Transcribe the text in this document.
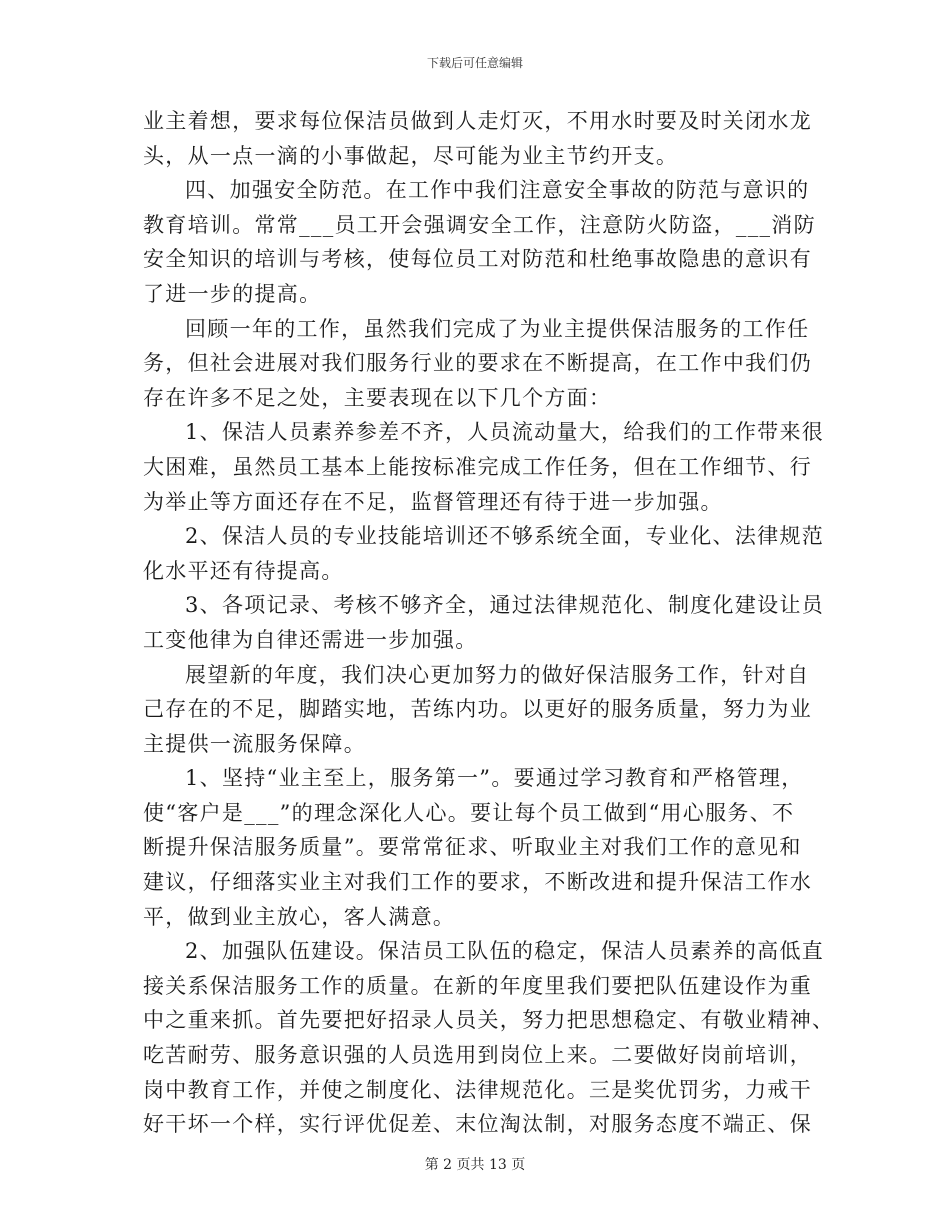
下载后可任意编辑
业主着想，要求每位保洁员做到人走灯灭，不用水时要及时关闭水龙
头，从一点一滴的小事做起，尽可能为业主节约开支。
四、加强安全防范。在工作中我们注意安全事故的防范与意识的
教育培训。常常___员工开会强调安全工作，注意防火防盗，___消防
安全知识的培训与考核，使每位员工对防范和杜绝事故隐患的意识有
了进一步的提高。
回顾一年的工作，虽然我们完成了为业主提供保洁服务的工作任
务，但社会进展对我们服务行业的要求在不断提高，在工作中我们仍
存在许多不足之处，主要表现在以下几个方面：
1、保洁人员素养参差不齐，人员流动量大，给我们的工作带来很
大困难，虽然员工基本上能按标准完成工作任务，但在工作细节、行
为举止等方面还存在不足，监督管理还有待于进一步加强。
2、保洁人员的专业技能培训还不够系统全面，专业化、法律规范
化水平还有待提高。
3、各项记录、考核不够齐全，通过法律规范化、制度化建设让员
工变他律为自律还需进一步加强。
展望新的年度，我们决心更加努力的做好保洁服务工作，针对自
己存在的不足，脚踏实地，苦练内功。以更好的服务质量，努力为业
主提供一流服务保障。
1、坚持“业主至上，服务第一”。要通过学习教育和严格管理，
使“客户是___”的理念深化人心。要让每个员工做到“用心服务、不
断提升保洁服务质量”。要常常征求、听取业主对我们工作的意见和
建议，仔细落实业主对我们工作的要求，不断改进和提升保洁工作水
平，做到业主放心，客人满意。
2、加强队伍建设。保洁员工队伍的稳定，保洁人员素养的高低直
接关系保洁服务工作的质量。在新的年度里我们要把队伍建设作为重
中之重来抓。首先要把好招录人员关，努力把思想稳定、有敬业精神、
吃苦耐劳、服务意识强的人员选用到岗位上来。二要做好岗前培训，
岗中教育工作，并使之制度化、法律规范化。三是奖优罚劣，力戒干
好干坏一个样，实行评优促差、末位淘汰制，对服务态度不端正、保
第 2 页共 13 页
